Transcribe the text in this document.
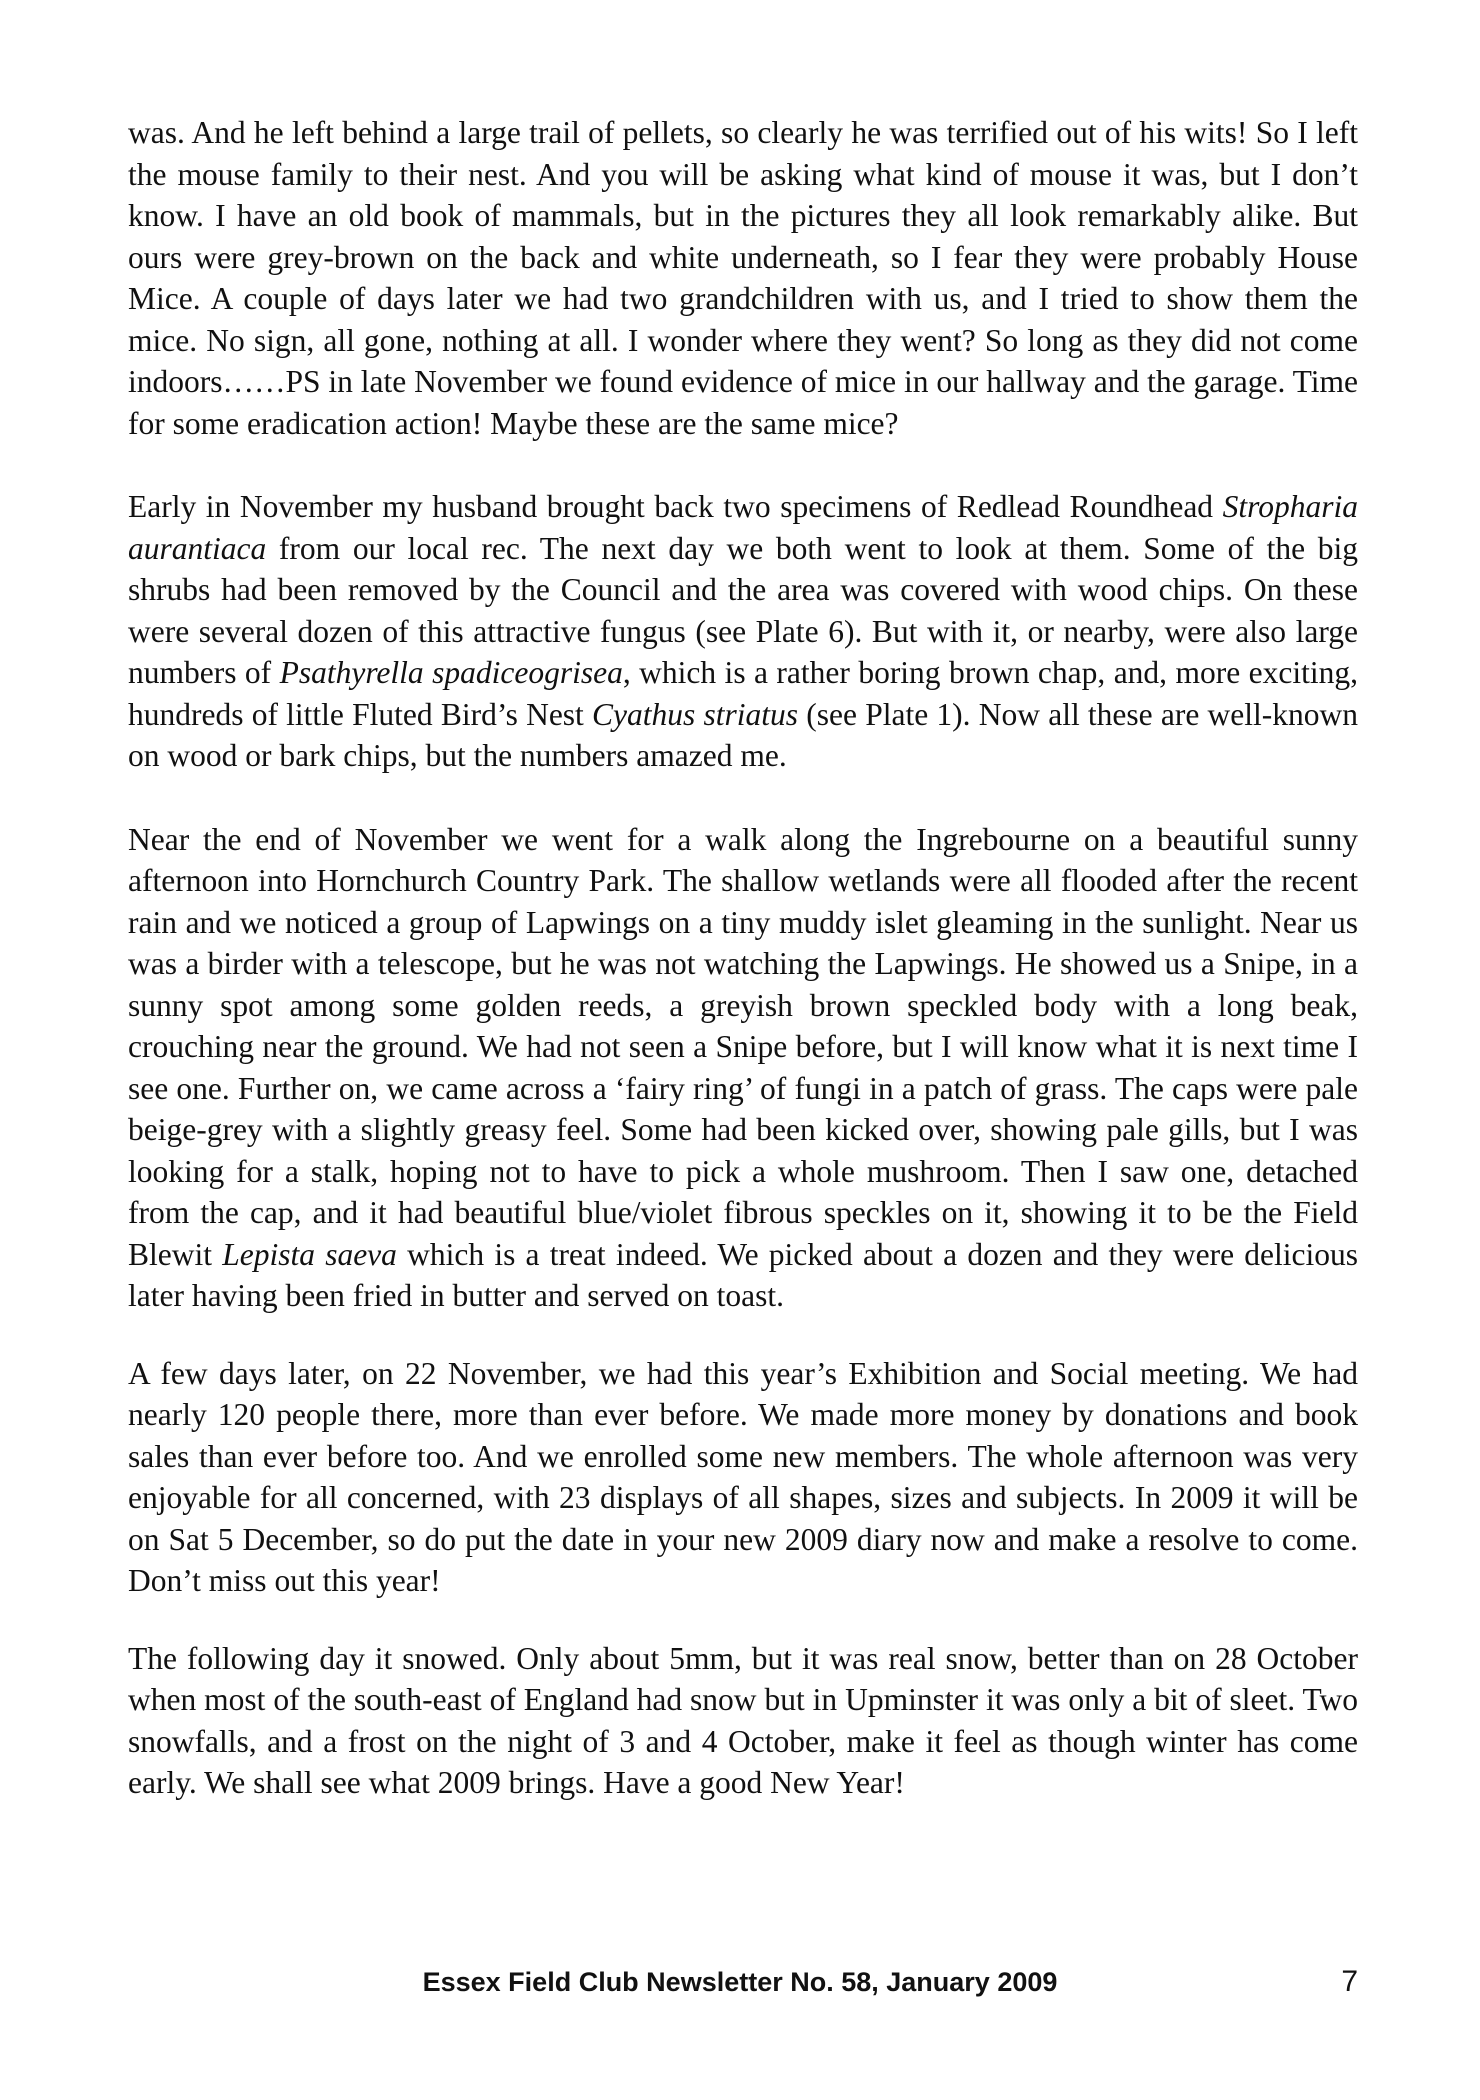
was. And he left behind a large trail of pellets, so clearly he was terrified out of his wits! So I left the mouse family to their nest. And you will be asking what kind of mouse it was, but I don’t know. I have an old book of mammals, but in the pictures they all look remarkably alike. But ours were grey-brown on the back and white underneath, so I fear they were probably House Mice. A couple of days later we had two grandchildren with us, and I tried to show them the mice. No sign, all gone, nothing at all. I wonder where they went? So long as they did not come indoors……PS in late November we found evidence of mice in our hallway and the garage. Time for some eradication action! Maybe these are the same mice?

Early in November my husband brought back two specimens of Redlead Roundhead Stropharia aurantiaca from our local rec. The next day we both went to look at them. Some of the big shrubs had been removed by the Council and the area was covered with wood chips. On these were several dozen of this attractive fungus (see Plate 6). But with it, or nearby, were also large numbers of Psathyrella spadiceogrisea, which is a rather boring brown chap, and, more exciting, hundreds of little Fluted Bird’s Nest Cyathus striatus (see Plate 1). Now all these are well-known on wood or bark chips, but the numbers amazed me.

Near the end of November we went for a walk along the Ingrebourne on a beautiful sunny afternoon into Hornchurch Country Park. The shallow wetlands were all flooded after the recent rain and we noticed a group of Lapwings on a tiny muddy islet gleaming in the sunlight. Near us was a birder with a telescope, but he was not watching the Lapwings. He showed us a Snipe, in a sunny spot among some golden reeds, a greyish brown speckled body with a long beak, crouching near the ground. We had not seen a Snipe before, but I will know what it is next time I see one. Further on, we came across a ‘fairy ring’ of fungi in a patch of grass. The caps were pale beige-grey with a slightly greasy feel. Some had been kicked over, showing pale gills, but I was looking for a stalk, hoping not to have to pick a whole mushroom. Then I saw one, detached from the cap, and it had beautiful blue/violet fibrous speckles on it, showing it to be the Field Blewit Lepista saeva which is a treat indeed. We picked about a dozen and they were delicious later having been fried in butter and served on toast.

A few days later, on 22 November, we had this year’s Exhibition and Social meeting. We had nearly 120 people there, more than ever before. We made more money by donations and book sales than ever before too. And we enrolled some new members. The whole afternoon was very enjoyable for all concerned, with 23 displays of all shapes, sizes and subjects. In 2009 it will be on Sat 5 December, so do put the date in your new 2009 diary now and make a resolve to come. Don’t miss out this year!

The following day it snowed. Only about 5mm, but it was real snow, better than on 28 October when most of the south-east of England had snow but in Upminster it was only a bit of sleet. Two snowfalls, and a frost on the night of 3 and 4 October, make it feel as though winter has come early. We shall see what 2009 brings. Have a good New Year!

Essex Field Club Newsletter No. 58, January 2009	7
